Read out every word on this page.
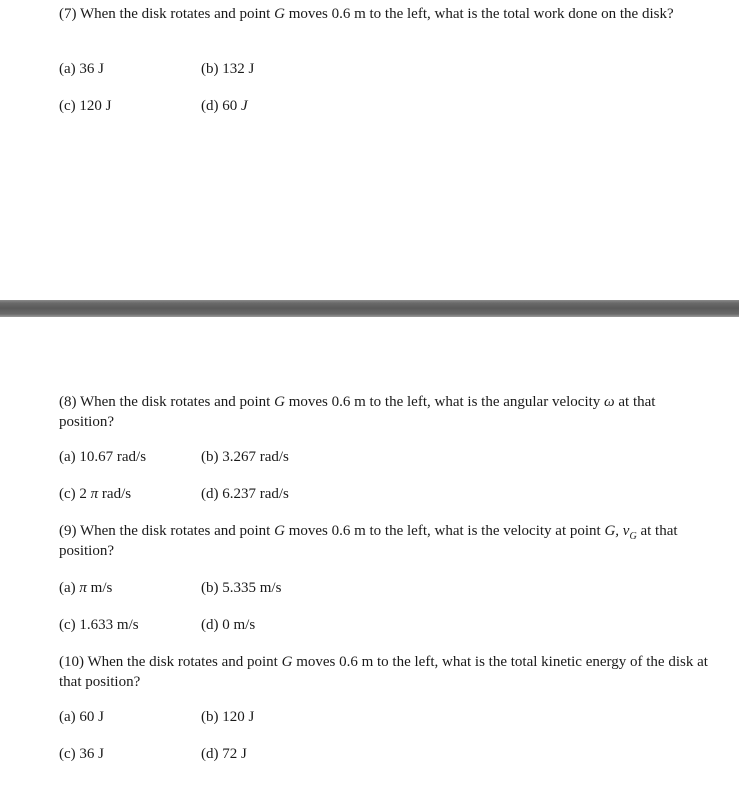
(7) When the disk rotates and point G moves 0.6 m to the left, what is the total work done on the disk?

(a) 36 J	(b) 132 J
(c) 120 J	(d) 60 J

(8) When the disk rotates and point G moves 0.6 m to the left, what is the angular velocity ω at that position?

(a) 10.67 rad/s	(b) 3.267 rad/s
(c) 2 π rad/s	(d) 6.237 rad/s

(9) When the disk rotates and point G moves 0.6 m to the left, what is the velocity at point G, $v_G$ at that position?

(a) π m/s	(b) 5.335 m/s
(c) 1.633 m/s	(d) 0 m/s

(10) When the disk rotates and point G moves 0.6 m to the left, what is the total kinetic energy of the disk at that position?

(a) 60 J	(b) 120 J
(c) 36 J	(d) 72 J
